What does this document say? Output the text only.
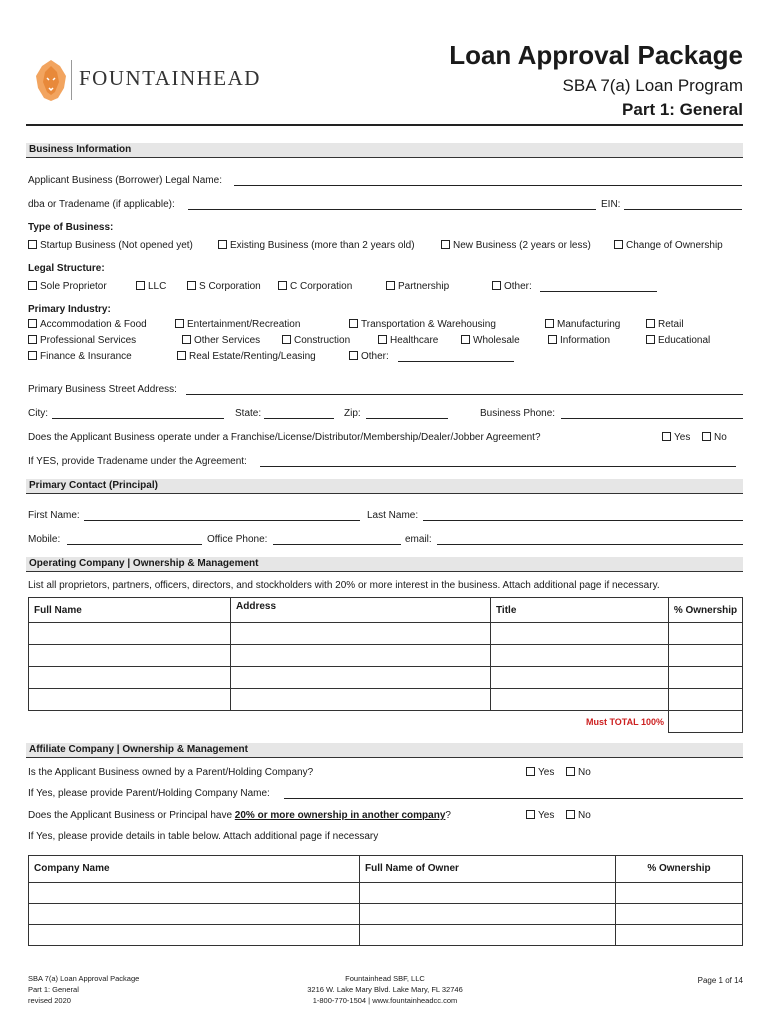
FOUNTAINHEAD
Loan Approval Package
SBA 7(a) Loan Program
Part 1: General
Business Information
Applicant Business (Borrower) Legal Name:
dba or Tradename (if applicable):	EIN:
Type of Business:
Startup Business (Not opened yet)	Existing Business (more than 2 years old)	New Business (2 years or less)	Change of Ownership
Legal Structure:
Sole Proprietor	LLC	S Corporation	C Corporation	Partnership	Other:
Primary Industry:
Accommodation & Food	Entertainment/Recreation	Transportation & Warehousing	Manufacturing	Retail
Professional Services	Other Services	Construction	Healthcare	Wholesale	Information	Educational
Finance & Insurance	Real Estate/Renting/Leasing	Other:
Primary Business Street Address:
City:	State:	Zip:	Business Phone:
Does the Applicant Business operate under a Franchise/License/Distributor/Membership/Dealer/Jobber Agreement?	Yes	No
If YES, provide Tradename under the Agreement:
Primary Contact (Principal)
First Name:	Last Name:
Mobile:	Office Phone:	email:
Operating Company | Ownership & Management
List all proprietors, partners, officers, directors, and stockholders with 20% or more interest in the business. Attach additional page if necessary.
Full Name	Address	Title	% Ownership

Must TOTAL 100%			
Affiliate Company | Ownership & Management
Is the Applicant Business owned by a Parent/Holding Company?	Yes	No
If Yes, please provide Parent/Holding Company Name:
Does the Applicant Business or Principal have 20% or more ownership in another company?	Yes	No
If Yes, please provide details in table below. Attach additional page if necessary
Company Name	Full Name of Owner	% Ownership

SBA 7(a) Loan Approval Package
Part 1: General
revised 2020
Fountainhead SBF, LLC
3216 W. Lake Mary Blvd. Lake Mary, FL 32746
1-800-770-1504 | www.fountainheadcc.com
Page 1 of 14
